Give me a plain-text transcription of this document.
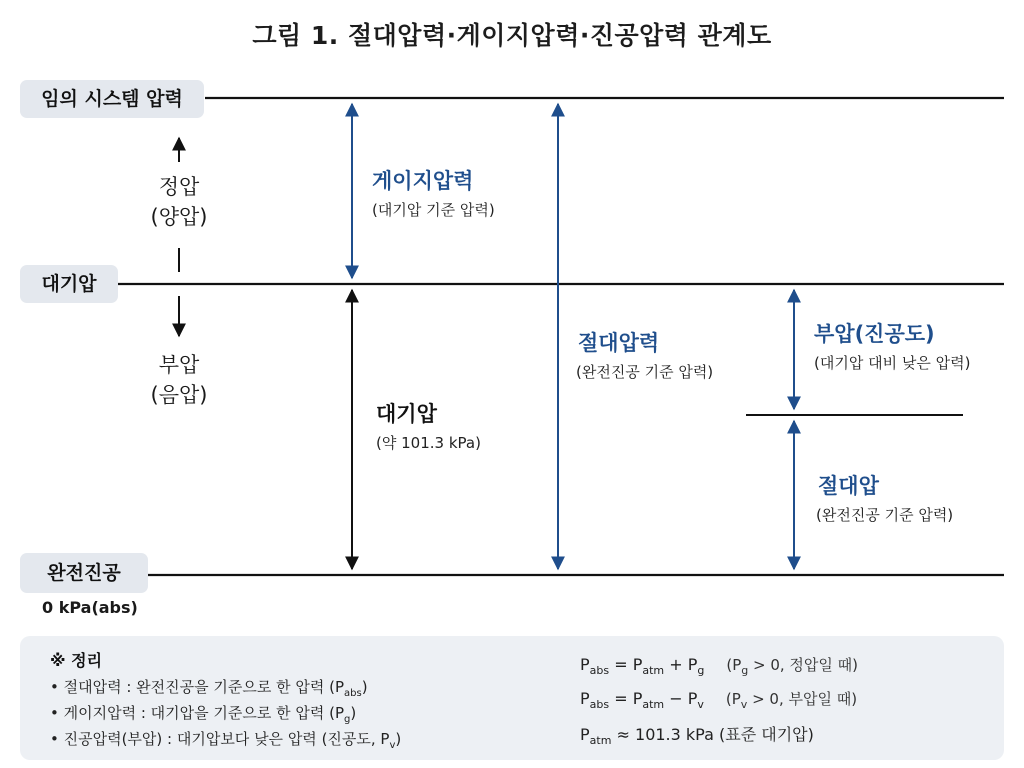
그림 1. 절대압력·게이지압력·진공압력 관계도
임의 시스템 압력
대기압
완전진공
0 kPa(abs)
정압
(양압)
부압
(음압)
게이지압력
(대기압 기준 압력)
대기압
(약 101.3 kPa)
절대압력
(완전진공 기준 압력)
부압(진공도)
(대기압 대비 낮은 압력)
절대압
(완전진공 기준 압력)
※ 정리
• 절대압력 : 완전진공을 기준으로 한 압력 $(P_{abs})$
• 게이지압력 : 대기압을 기준으로 한 압력 $(P_g)$
• 진공압력(부압) : 대기압보다 낮은 압력 (진공도, $P_v$)
$P_{abs} = P_{atm} + P_g$ ($P_g > 0$, 정압일 때)
$P_{abs} = P_{atm} - P_v$ ($P_v > 0$, 부압일 때)
$P_{atm} \approx 101.3$ kPa (표준 대기압)
